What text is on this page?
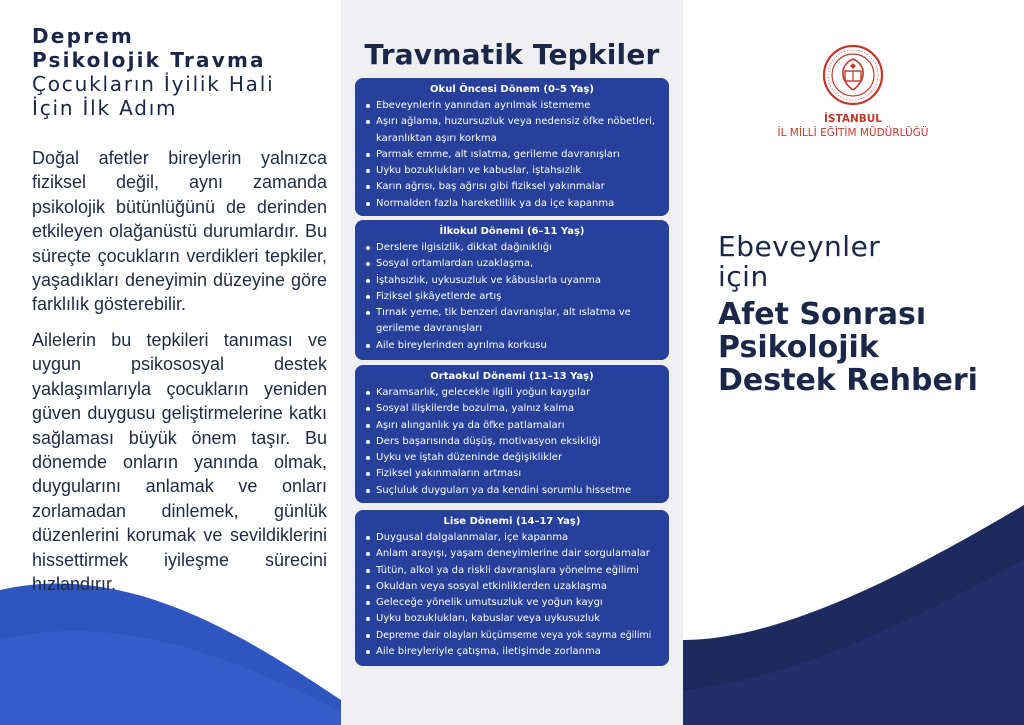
Deprem
Psikolojik Travma
Çocukların İyilik Hali
İçin İlk Adım

Doğal afetler bireylerin yalnızca fiziksel değil, aynı zamanda psikolojik bütünlüğünü de derinden etkileyen olağanüstü durumlardır. Bu süreçte çocukların verdikleri tepkiler, yaşadıkları deneyimin düzeyine göre farklılık gösterebilir.

Ailelerin bu tepkileri tanıması ve uygun psikososyal destek yaklaşımlarıyla çocukların yeniden güven duygusu geliştirmelerine katkı sağlaması büyük önem taşır. Bu dönemde onların yanında olmak, duygularını anlamak ve onları zorlamadan dinlemek, günlük düzenlerini korumak ve sevildiklerini hissettirmek iyileşme sürecini hızlandırır.

Travmatik Tepkiler
Okul Öncesi Dönem (0–5 Yaş)
Ebeveynlerin yanından ayrılmak istememe
Aşırı ağlama, huzursuzluk veya nedensiz öfke nöbetleri, karanlıktan aşırı korkma
Parmak emme, alt ıslatma, gerileme davranışları
Uyku bozuklukları ve kabuslar, iştahsızlık
Karın ağrısı, baş ağrısı gibi fiziksel yakınmalar
Normalden fazla hareketlilik ya da içe kapanma
İlkokul Dönemi (6–11 Yaş)
Derslere ilgisizlik, dikkat dağınıklığı
Sosyal ortamlardan uzaklaşma,
İştahsızlık, uykusuzluk ve kâbuslarla uyanma
Fiziksel şikâyetlerde artış
Tırnak yeme, tik benzeri davranışlar, alt ıslatma ve gerileme davranışları
Aile bireylerinden ayrılma korkusu
Ortaokul Dönemi (11–13 Yaş)
Karamsarlık, gelecekle ilgili yoğun kaygılar
Sosyal ilişkilerde bozulma, yalnız kalma
Aşırı alınganlık ya da öfke patlamaları
Ders başarısında düşüş, motivasyon eksikliği
Uyku ve iştah düzeninde değişiklikler
Fiziksel yakınmaların artması
Suçluluk duyguları ya da kendini sorumlu hissetme
Lise Dönemi (14–17 Yaş)
Duygusal dalgalanmalar, içe kapanma
Anlam arayışı, yaşam deneyimlerine dair sorgulamalar
Tütün, alkol ya da riskli davranışlara yönelme eğilimi
Okuldan veya sosyal etkinliklerden uzaklaşma
Geleceğe yönelik umutsuzluk ve yoğun kaygı
Uyku bozuklukları, kabuslar veya uykusuzluk
Depreme dair olayları küçümseme veya yok sayma eğilimi
Aile bireyleriyle çatışma, iletişimde zorlanma
İSTANBUL
İL MİLLİ EĞİTİM MÜDÜRLÜĞÜ
Ebeveynler
için
Afet Sonrası
Psikolojik
Destek Rehberi
